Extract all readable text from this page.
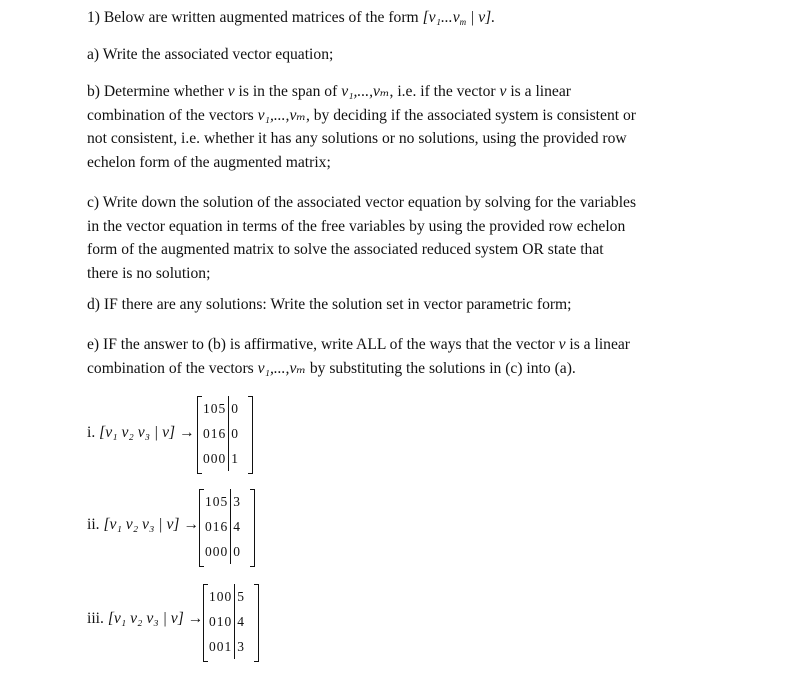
1) Below are written augmented matrices of the form [$v_1...v_m$ | v].
a) Write the associated vector equation;
b) Determine whether v is in the span of v₁,...,vₘ, i.e. if the vector v is a linear
combination of the vectors v₁,...,vₘ, by deciding if the associated system is consistent or
not consistent, i.e. whether it has any solutions or no solutions, using the provided row
echelon form of the augmented matrix;
c) Write down the solution of the associated vector equation by solving for the variables
in the vector equation in terms of the free variables by using the provided row echelon
form of the augmented matrix to solve the associated reduced system OR state that
there is no solution;
d) IF there are any solutions: Write the solution set in vector parametric form;
e) IF the answer to (b) is affirmative, write ALL of the ways that the vector v is a linear
combination of the vectors v₁,...,vₘ by substituting the solutions in (c) into (a).
i. [v₁ v₂ v₃ | v] →
1 0 5 0
0 1 6 0
0 0 0 1
ii. [v₁ v₂ v₃ | v] →
1 0 5 3
0 1 6 4
0 0 0 0
iii. [v₁ v₂ v₃ | v] →
1 0 0 5
0 1 0 4
0 0 1 3
